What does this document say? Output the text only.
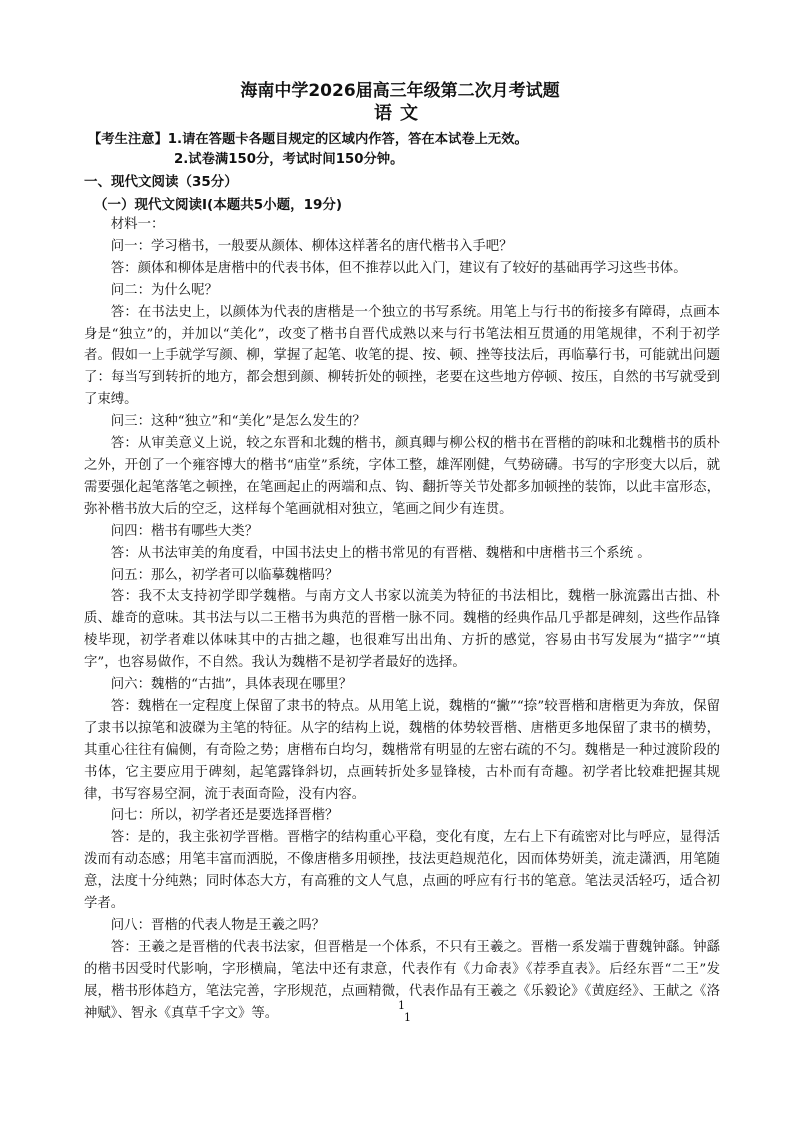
海南中学2026届高三年级第二次月考试题
语文
【考生注意】1.请在答题卡各题目规定的区域内作答，答在本试卷上无效。
2.试卷满150分，考试时间150分钟。
一、现代文阅读（35分）
（一）现代文阅读Ⅰ(本题共5小题，19分)

材料一：

问一：学习楷书，一般要从颜体、柳体这样著名的唐代楷书入手吧？

答：颜体和柳体是唐楷中的代表书体，但不推荐以此入门，建议有了较好的基础再学习这些书体。

问二：为什么呢？

答：在书法史上，以颜体为代表的唐楷是一个独立的书写系统。用笔上与行书的衔接多有障碍，点画本身是“独立”的，并加以“美化”，改变了楷书自晋代成熟以来与行书笔法相互贯通的用笔规律，不利于初学者。假如一上手就学写颜、柳，掌握了起笔、收笔的提、按、顿、挫等技法后，再临摹行书，可能就出问题了：每当写到转折的地方，都会想到颜、柳转折处的顿挫，老要在这些地方停顿、按压，自然的书写就受到了束缚。

问三：这种“独立”和“美化”是怎么发生的？

答：从审美意义上说，较之东晋和北魏的楷书，颜真卿与柳公权的楷书在晋楷的韵味和北魏楷书的质朴之外，开创了一个雍容博大的楷书“庙堂”系统，字体工整，雄浑刚健，气势磅礴。书写的字形变大以后，就需要强化起笔落笔之顿挫，在笔画起止的两端和点、钩、翻折等关节处都多加顿挫的装饰，以此丰富形态，弥补楷书放大后的空乏，这样每个笔画就相对独立，笔画之间少有连贯。

问四：楷书有哪些大类？

答：从书法审美的角度看，中国书法史上的楷书常见的有晋楷、魏楷和中唐楷书三个系统 。

问五：那么，初学者可以临摹魏楷吗？

答：我不太支持初学即学魏楷。与南方文人书家以流美为特征的书法相比，魏楷一脉流露出古拙、朴质、雄奇的意味。其书法与以二王楷书为典范的晋楷一脉不同。魏楷的经典作品几乎都是碑刻，这些作品锋棱毕现，初学者难以体味其中的古拙之趣，也很难写出出角、方折的感觉，容易由书写发展为“描字”“填字”，也容易做作，不自然。我认为魏楷不是初学者最好的选择。

问六：魏楷的“古拙”，具体表现在哪里？

答：魏楷在一定程度上保留了隶书的特点。从用笔上说，魏楷的“撇”“捺”较晋楷和唐楷更为奔放，保留了隶书以掠笔和波磔为主笔的特征。从字的结构上说，魏楷的体势较晋楷、唐楷更多地保留了隶书的横势，其重心往往有偏侧，有奇险之势；唐楷布白均匀，魏楷常有明显的左密右疏的不匀。魏楷是一种过渡阶段的书体，它主要应用于碑刻，起笔露锋斜切，点画转折处多显锋棱，古朴而有奇趣。初学者比较难把握其规律，书写容易空洞，流于表面奇险，没有内容。

问七：所以，初学者还是要选择晋楷？

答：是的，我主张初学晋楷。晋楷字的结构重心平稳，变化有度，左右上下有疏密对比与呼应，显得活泼而有动态感；用笔丰富而洒脱，不像唐楷多用顿挫，技法更趋规范化，因而体势妍美，流走潇洒，用笔随意，法度十分纯熟；同时体态大方，有高雅的文人气息，点画的呼应有行书的笔意。笔法灵活轻巧，适合初学者。

问八：晋楷的代表人物是王羲之吗？

答：王羲之是晋楷的代表书法家，但晋楷是一个体系，不只有王羲之。晋楷一系发端于曹魏钟繇。钟繇的楷书因受时代影响，字形横扁，笔法中还有隶意，代表作有《力命表》《荐季直表》。后经东晋“二王”发展，楷书形体趋方，笔法完善，字形规范，点画精微，代表作品有王羲之《乐毅论》《黄庭经》、王献之《洛神赋》、智永《真草千字文》等。

1
1
